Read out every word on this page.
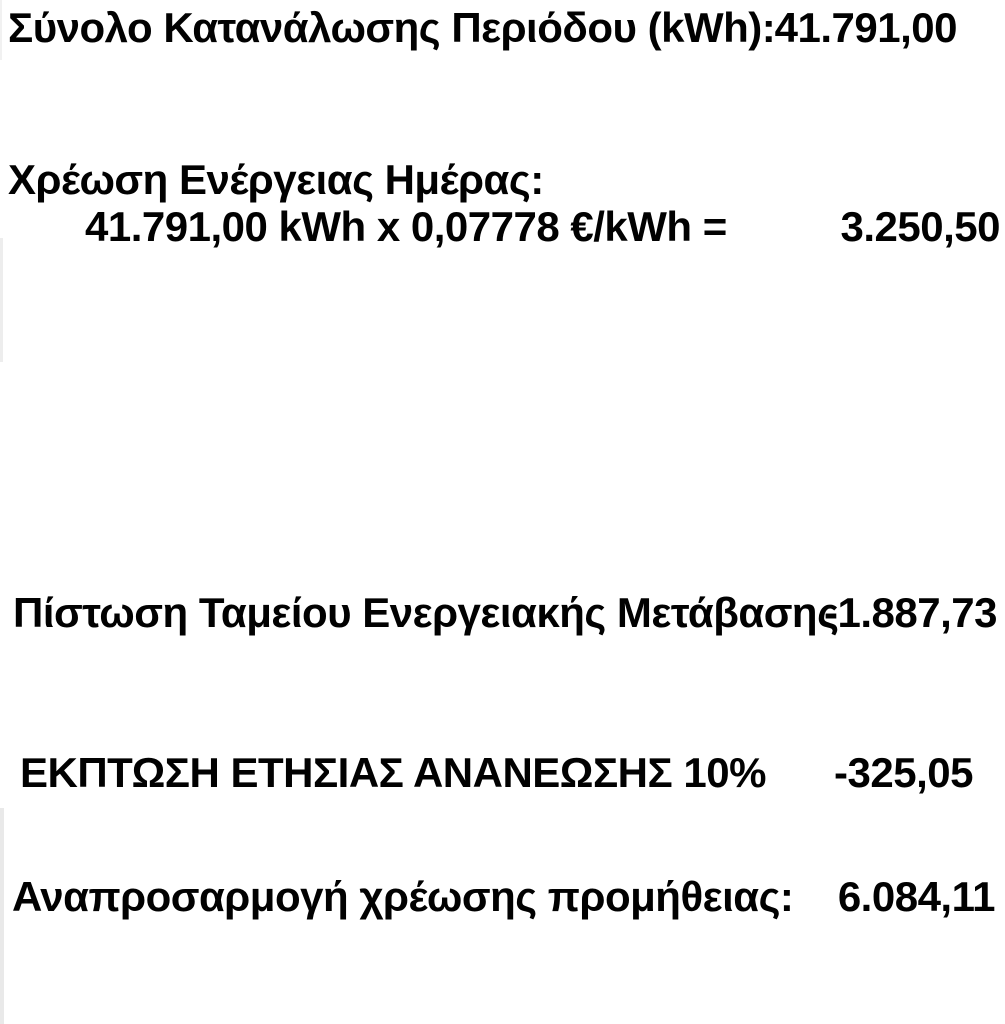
Σύνολο Κατανάλωσης Περιόδου (kWh): 41.791,00
Χρέωση Ενέργειας Ημέρας:
41.791,00 kWh x 0,07778 €/kWh =	3.250,50
Πίστωση Ταμείου Ενεργειακής Μετάβασης
-1.887,73
ΕΚΠΤΩΣΗ ΕΤΗΣΙΑΣ ΑΝΑΝΕΩΣΗΣ 10% -325,05
Αναπροσαρμογή χρέωσης προμήθειας: 6.084,11
